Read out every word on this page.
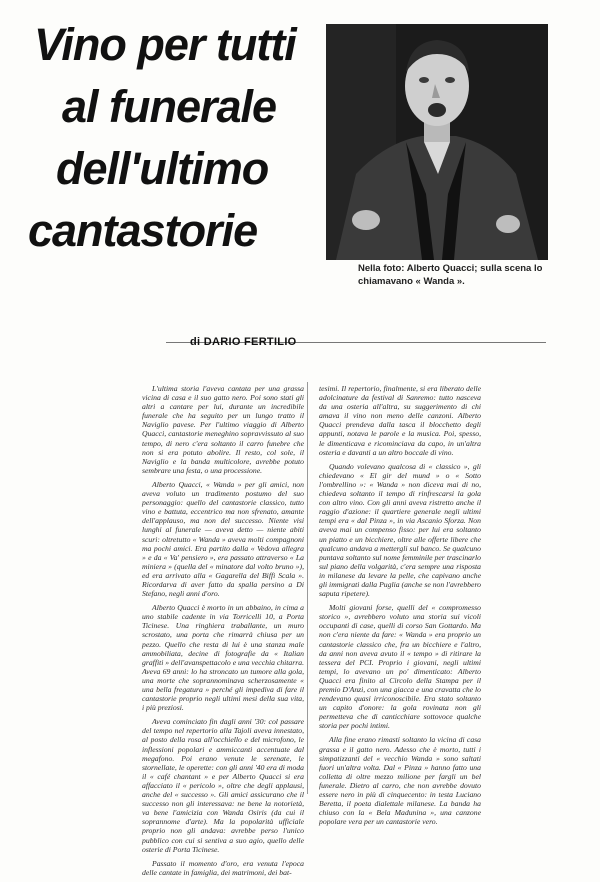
Vino per tutti
al funerale
dell'ultimo
cantastorie
Nella foto: Alberto Quacci; sulla scena lo chiamavano « Wanda ».
di DARIO FERTILIO

L'ultima storia l'aveva cantata per una grassa vicina di casa e il suo gatto nero. Poi sono stati gli altri a cantare per lui, durante un incredibile funerale che ha seguito per un lungo tratto il Naviglio pavese. Per l'ultimo viaggio di Alberto Quacci, cantastorie meneghino sopravvissuto al suo tempo, di nero c'era soltanto il carro funebre che non si era potuto abolire. Il resto, col sole, il Naviglio e la banda multicolore, avrebbe potuto sembrare una festa, o una processione.

Alberto Quacci, « Wanda » per gli amici, non aveva voluto un tradimento postumo del suo personaggio: quello del cantastorie classico, tutto vino e battuta, eccentrico ma non sfrenato, amante dell'applauso, ma non del successo. Niente visi lunghi al funerale — aveva detto — niente abiti scuri: oltretutto « Wanda » aveva molti compagnoni ma pochi amici. Era partito dalla « Vedova allegra » e da « Va' pensiero », era passato attraverso « La miniera » (quella del « minatore dal volto bruno »), ed era arrivato alla « Gagarella del Biffi Scala ». Ricordarva di aver fatto da spalla persino a Di Stefano, negli anni d'oro.

Alberto Quacci è morto in un abbaino, in cima a uno stabile cadente in via Torricelli 10, a Porta Ticinese. Una ringhiera traballante, un muro scrostato, una porta che rimarrà chiusa per un pezzo. Quello che resta di lui è una stanza male ammobiliata, decine di fotografie da « Italian graffiti » dell'avanspettacolo e una vecchia chitarra. Aveva 69 anni: lo ha stroncato un tumore alla gola, una morte che soprannominava scherzosamente « una bella fregatura » perché gli impediva di fare il cantastorie proprio negli ultimi mesi della sua vita, i più preziosi.

Aveva cominciato fin dagli anni '30: col passare del tempo nel repertorio alla Tajoli aveva innestato, al posto della rosa all'occhiello e del microfono, le inflessioni popolari e ammiccanti accentuate dal megafono. Poi erano venute le serenate, le stornellate, le operette: con gli anni '40 era di moda il « café chantant » e per Alberto Quacci si era affacciato il « pericolo », oltre che degli applausi, anche del « successo ». Gli amici assicurano che il successo non gli interessava: ne bene la notorietà, va bene l'amicizia con Wanda Osiris (da cui il soprannome d'arte). Ma la popolarità ufficiale proprio non gli andava: avrebbe perso l'unico pubblico con cui si sentiva a suo agio, quello delle osterie di Porta Ticinese.

Passato il momento d'oro, era venuta l'epoca delle cantate in famiglia, dei matrimoni, dei bat-

tesimi. Il repertorio, finalmente, si era liberato delle adolcinature da festival di Sanremo: tutto nasceva da una osteria all'altra, su suggerimento di chi amava il vino non meno delle canzoni. Alberto Quacci prendeva dalla tasca il blocchetto degli appunti, notava le parole e la musica. Poi, spesso, le dimenticava e ricominciava da capo, in un'altra osteria e davanti a un altro boccale di vino.

Quando volevano qualcosa di « classico », gli chiedevano « El gir del mund » o « Sotto l'ombrellino »: « Wanda » non diceva mai di no, chiedeva soltanto il tempo di rinfrescarsi la gola con altro vino. Con gli anni aveva ristretto anche il raggio d'azione: il quartiere generale negli ultimi tempi era « dal Pinza », in via Ascanio Sforza. Non aveva mai un compenso fisso: per lui era soltanto un piatto e un bicchiere, oltre alle offerte libere che qualcuno andava a mettergli sul banco. Se qualcuno puntava soltanto sul nome femminile per trascinarlo sul piano della volgarità, c'era sempre una risposta in milanese da levare la pelle, che capivano anche gli immigrati dalla Puglia (anche se non l'avrebbero saputa ripetere).

Molti giovani forse, quelli del « compromesso storico », avrebbero voluto una storia sui vicoli occupanti di case, quelli di corso San Gottardo. Ma non c'era niente da fare: « Wanda » era proprio un cantastorie classico che, fra un bicchiere e l'altro, da anni non aveva avuto il « tempo » di ritirare la tessera del PCI. Proprio i giovani, negli ultimi tempi, lo avevano un po' dimenticato: Alberto Quacci era finito al Circolo della Stampa per il premio D'Anzi, con una giacca e una cravatta che lo rendevano quasi irriconoscibile. Era stato soltanto un capito d'onore: la gola rovinata non gli permetteva che di canticchiare sottovoce qualche storia per pochi intimi.

Alla fine erano rimasti soltanto la vicina di casa grassa e il gatto nero. Adesso che è morto, tutti i simpatizzanti del « vecchio Wanda » sono saltati fuori un'altra volta. Dal « Pinza » hanno fatto una colletta di oltre mezzo milione per fargli un bel funerale. Dietro al carro, che non avrebbe dovuto essere nero in più di cinquecento: in testa Luciano Beretta, il poeta dialettale milanese. La banda ha chiuso con la « Bela Madunina », una canzone popolare vera per un cantastorie vero.
